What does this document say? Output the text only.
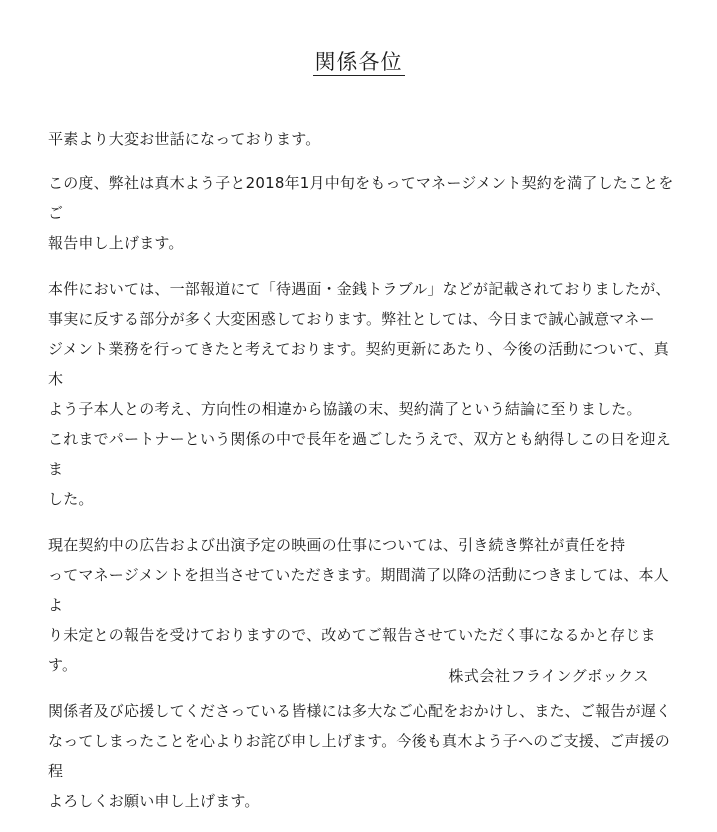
関係各位

平素より大変お世話になっております。

この度、弊社は真木よう子と2018年1月中旬をもってマネージメント契約を満了したことをご
報告申し上げます。

本件においては、一部報道にて「待遇面・金銭トラブル」などが記載されておりましたが、
事実に反する部分が多く大変困惑しております。弊社としては、今日まで誠心誠意マネー
ジメント業務を行ってきたと考えております。契約更新にあたり、今後の活動について、真木
よう子本人との考え、方向性の相違から協議の末、契約満了という結論に至りました。
これまでパートナーという関係の中で長年を過ごしたうえで、双方とも納得しこの日を迎えま
した。

現在契約中の広告および出演予定の映画の仕事については、引き続き弊社が責任を持
ってマネージメントを担当させていただきます。期間満了以降の活動につきましては、本人よ
り未定との報告を受けておりますので、改めてご報告させていただく事になるかと存じます。

関係者及び応援してくださっている皆様には多大なご心配をおかけし、また、ご報告が遅く
なってしまったことを心よりお詫び申し上げます。今後も真木よう子へのご支援、ご声援の程
よろしくお願い申し上げます。

株式会社フライングボックス
